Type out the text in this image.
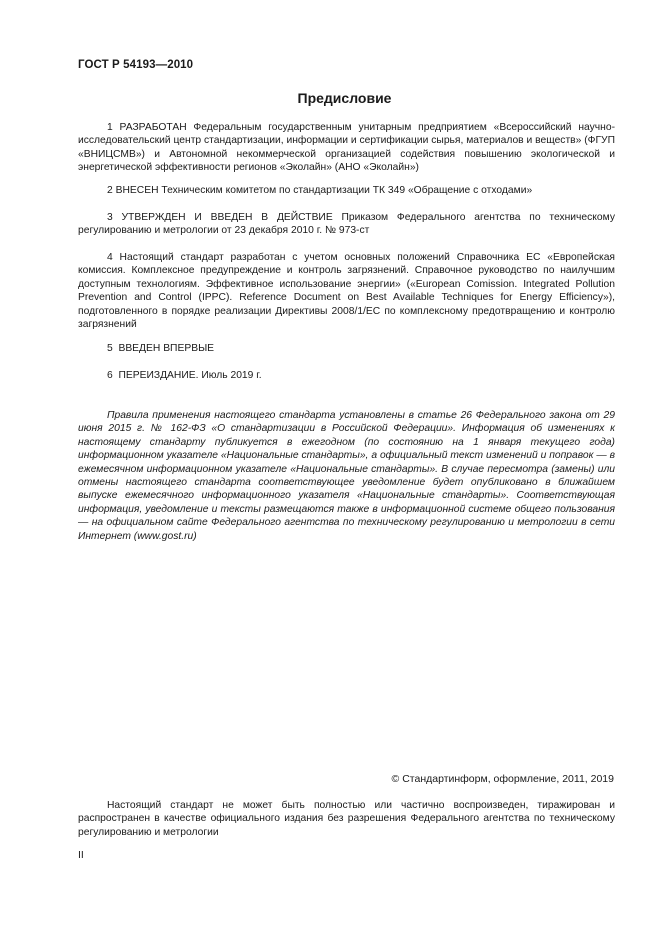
ГОСТ Р 54193—2010
Предисловие

1 РАЗРАБОТАН Федеральным государственным унитарным предприятием «Всероссийский научно-исследовательский центр стандартизации, информации и сертификации сырья, материалов и веществ» (ФГУП «ВНИЦСМВ») и Автономной некоммерческой организацией содействия повышению экологической и энергетической эффективности регионов «Эколайн» (АНО «Эколайн»)

2 ВНЕСЕН Техническим комитетом по стандартизации ТК 349 «Обращение с отходами»

3 УТВЕРЖДЕН И ВВЕДЕН В ДЕЙСТВИЕ Приказом Федерального агентства по техническому регулированию и метрологии от 23 декабря 2010 г. № 973-ст

4 Настоящий стандарт разработан с учетом основных положений Справочника ЕС «Европейская комиссия. Комплексное предупреждение и контроль загрязнений. Справочное руководство по наилучшим доступным технологиям. Эффективное использование энергии» («European Comission. Integrated Pollution Prevention and Control (IPPC). Reference Document on Best Available Techniques for Energy Efficiency»), подготовленного в порядке реализации Директивы 2008/1/ЕС по комплексному предотвращению и контролю загрязнений

5  ВВЕДЕН ВПЕРВЫЕ

6  ПЕРЕИЗДАНИЕ. Июль 2019 г.

Правила применения настоящего стандарта установлены в статье 26 Федерального закона от 29 июня 2015 г. № 162-ФЗ «О стандартизации в Российской Федерации». Информация об изменениях к настоящему стандарту публикуется в ежегодном (по состоянию на 1 января текущего года) информационном указателе «Национальные стандарты», а официальный текст изменений и поправок — в ежемесячном информационном указателе «Национальные стандарты». В случае пересмотра (замены) или отмены настоящего стандарта соответствующее уведомление будет опубликовано в ближайшем выпуске ежемесячного информационного указателя «Национальные стандарты». Соответствующая информация, уведомление и тексты размещаются также в информационной системе общего пользования — на официальном сайте Федерального агентства по техническому регулированию и метрологии в сети Интернет (www.gost.ru)

© Стандартинформ, оформление, 2011, 2019

Настоящий стандарт не может быть полностью или частично воспроизведен, тиражирован и распространен в качестве официального издания без разрешения Федерального агентства по техническому регулированию и метрологии

II
